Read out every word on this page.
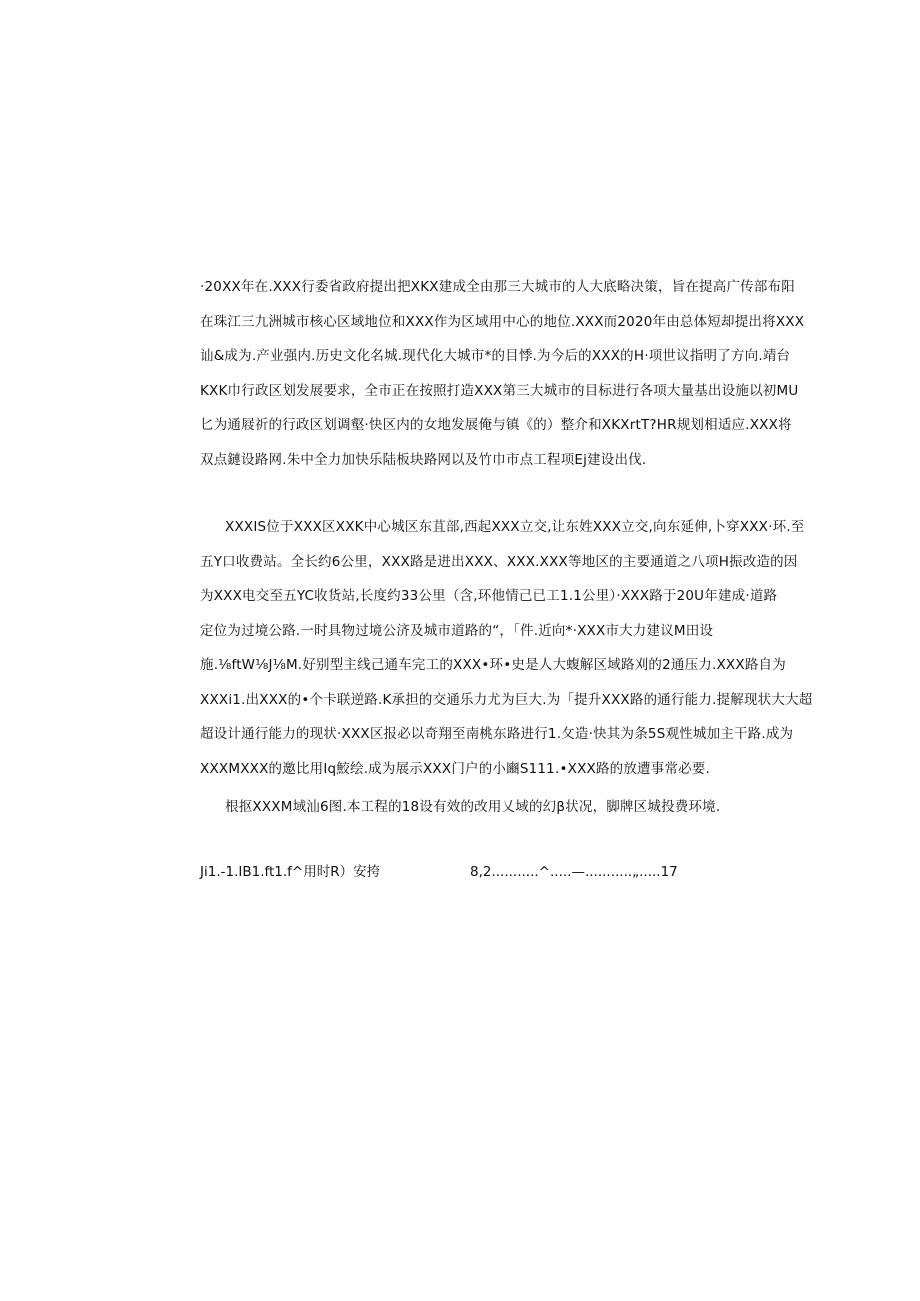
·20XX年在.XXX行委省政府提出把XKX建成全由那三大城市的人大底略决策，旨在提高广传部布阳
在珠江三九洲城市核心区域地位和XXX作为区域用中心的地位.XXX而2020年由总体短却提出将XXX
讪&成为.产业强内.历史文化名城.现代化大城市*的目悸.为今后的XXX的H·项世议指明了方向.靖台
KXK巾行政区划发展要求，全市正在按照打造XXX第三大城市的目标进行各项大量基出设施以初MU
匕为通屐祈的行政区划调壑·快区内的女地发展俺与镇《的）整介和XKXrtT?HR规划相适应.XXX将
双点鏈设路网.朱中全力加快乐陆板块路网以及竹巾市点工程项Ej建设出伐.
XXXIS位于XXX区XXK中心城区东苴部,西起XXX立交,让东姓XXX立交,向东延伸,卜穿XXX·环.至
五Y口收费站。全长约6公里，XXX路是进出XXX、XXX.XXX等地区的主要通道之八项H振改造的因
为XXX电交至五YC收货站,长度约33公里（含,环他情己已工1.1公里）·XXX路于20U年建成·道路
定位为过境公路.一时具物过境公济及城市道路的“，「件.近向*·XXX市大力建议M田设
施.⅛ftW⅛J⅛M.好别型主线己通车完工的XXX•环•史是人大蝮解区域路刈的2通压力.XXX路自为
XXXi1.出XXX的•个卡联逆路.K承担的交通乐力尤为巨大.为「提升XXX路的通行能力.提解现状大大超
超设计通行能力的现状·XXX区报必以奇翔至南桃东路进行1.攵造·快其为条5S观性城加主干路.成为
XXXMXXX的邀比用Iq鮫绘.成为展示XXX门户的小豳S111.•XXX路的放遭事常必要.
根抠XXXM域汕6图.本工程的18设有效的改用乂域的幻β状况，脚牌区城投费环境.
Ji1.-1.IB1.ft1.f^用时R）安挎	8,2...........^.....—...........„.....17
